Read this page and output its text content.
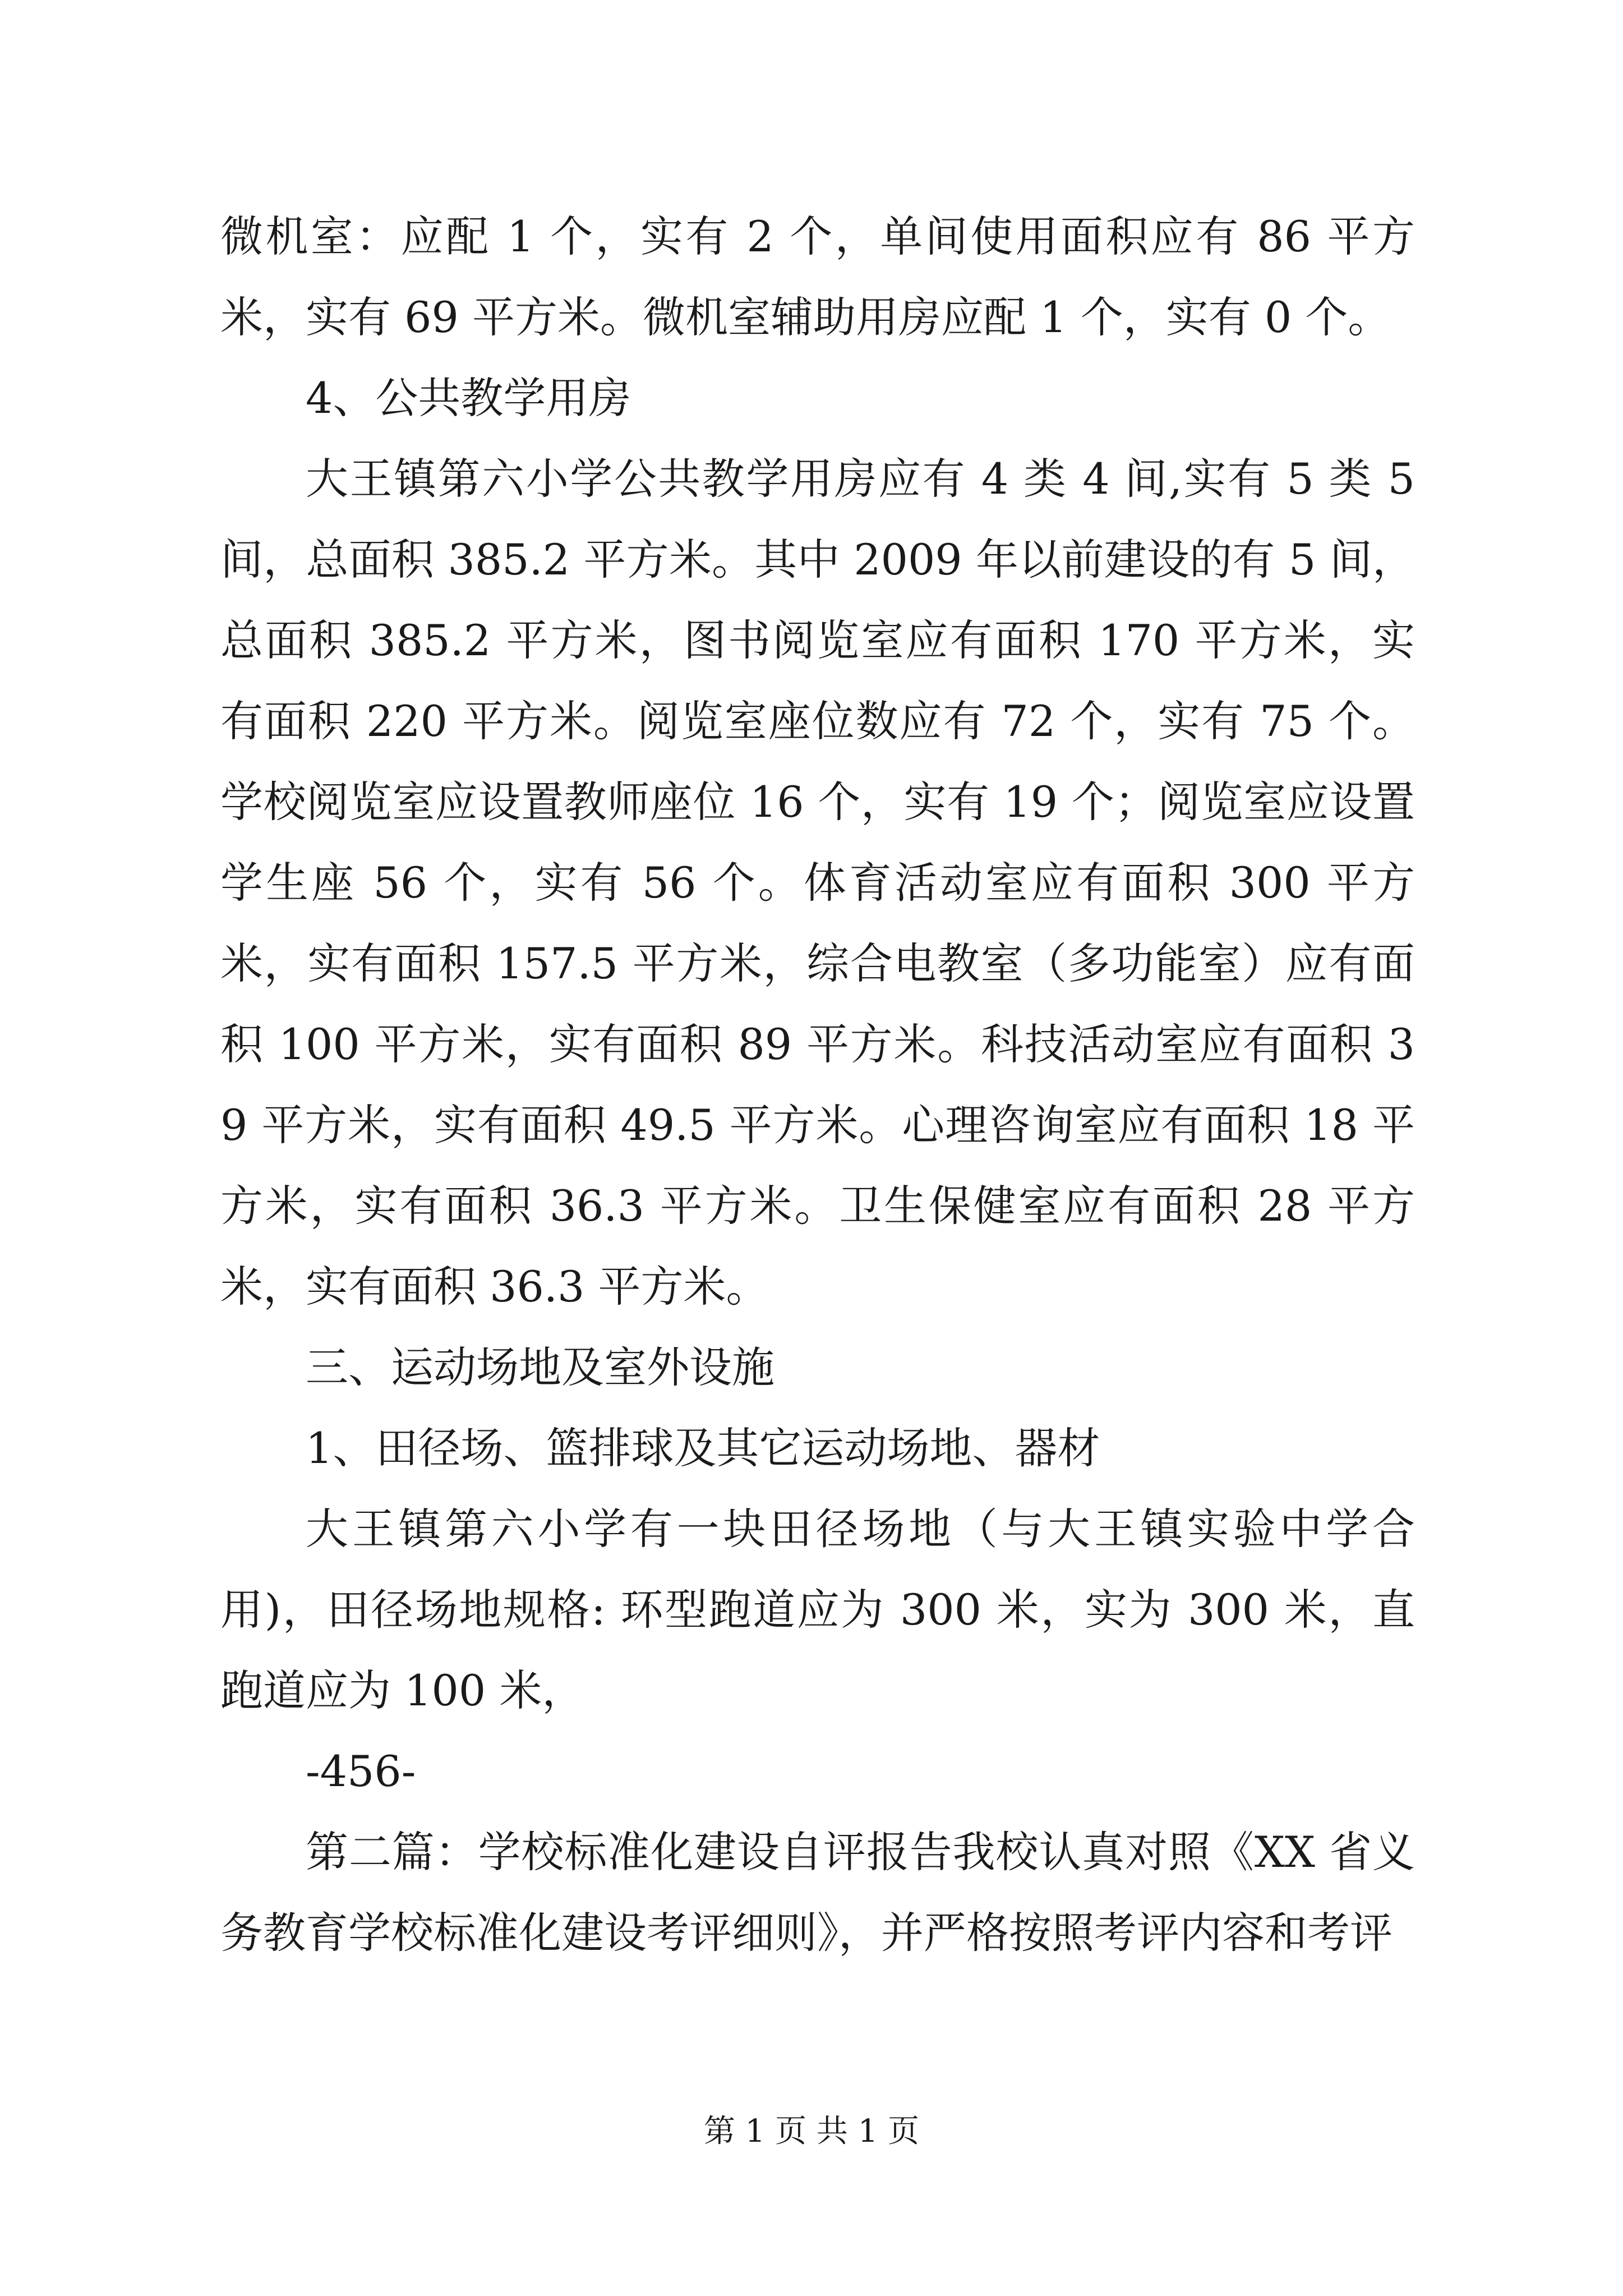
微机室：应配 1 个，实有 2 个，单间使用面积应有 86 平方米，实有 69 平方米。微机室辅助用房应配 1 个，实有 0 个。

4、公共教学用房

大王镇第六小学公共教学用房应有 4 类 4 间,实有 5 类 5 间，总面积 385.2 平方米。其中 2009 年以前建设的有 5 间，总面积 385.2 平方米，图书阅览室应有面积 170 平方米，实有面积 220 平方米。阅览室座位数应有 72 个，实有 75 个。学校阅览室应设置教师座位 16 个，实有 19 个；阅览室应设置学生座 56 个，实有 56 个。体育活动室应有面积 300 平方米，实有面积 157.5 平方米，综合电教室（多功能室）应有面积 100 平方米，实有面积 89 平方米。科技活动室应有面积 39 平方米，实有面积 49.5 平方米。心理咨询室应有面积 18 平方米，实有面积 36.3 平方米。卫生保健室应有面积 28 平方米，实有面积 36.3 平方米。

三、运动场地及室外设施

1、田径场、篮排球及其它运动场地、器材

大王镇第六小学有一块田径场地（与大王镇实验中学合用)，田径场地规格: 环型跑道应为 300 米，实为 300 米，直跑道应为 100 米，

-456-

第二篇：学校标准化建设自评报告我校认真对照《XX 省义务教育学校标准化建设考评细则》，并严格按照考评内容和考评

第 1 页 共 1 页
